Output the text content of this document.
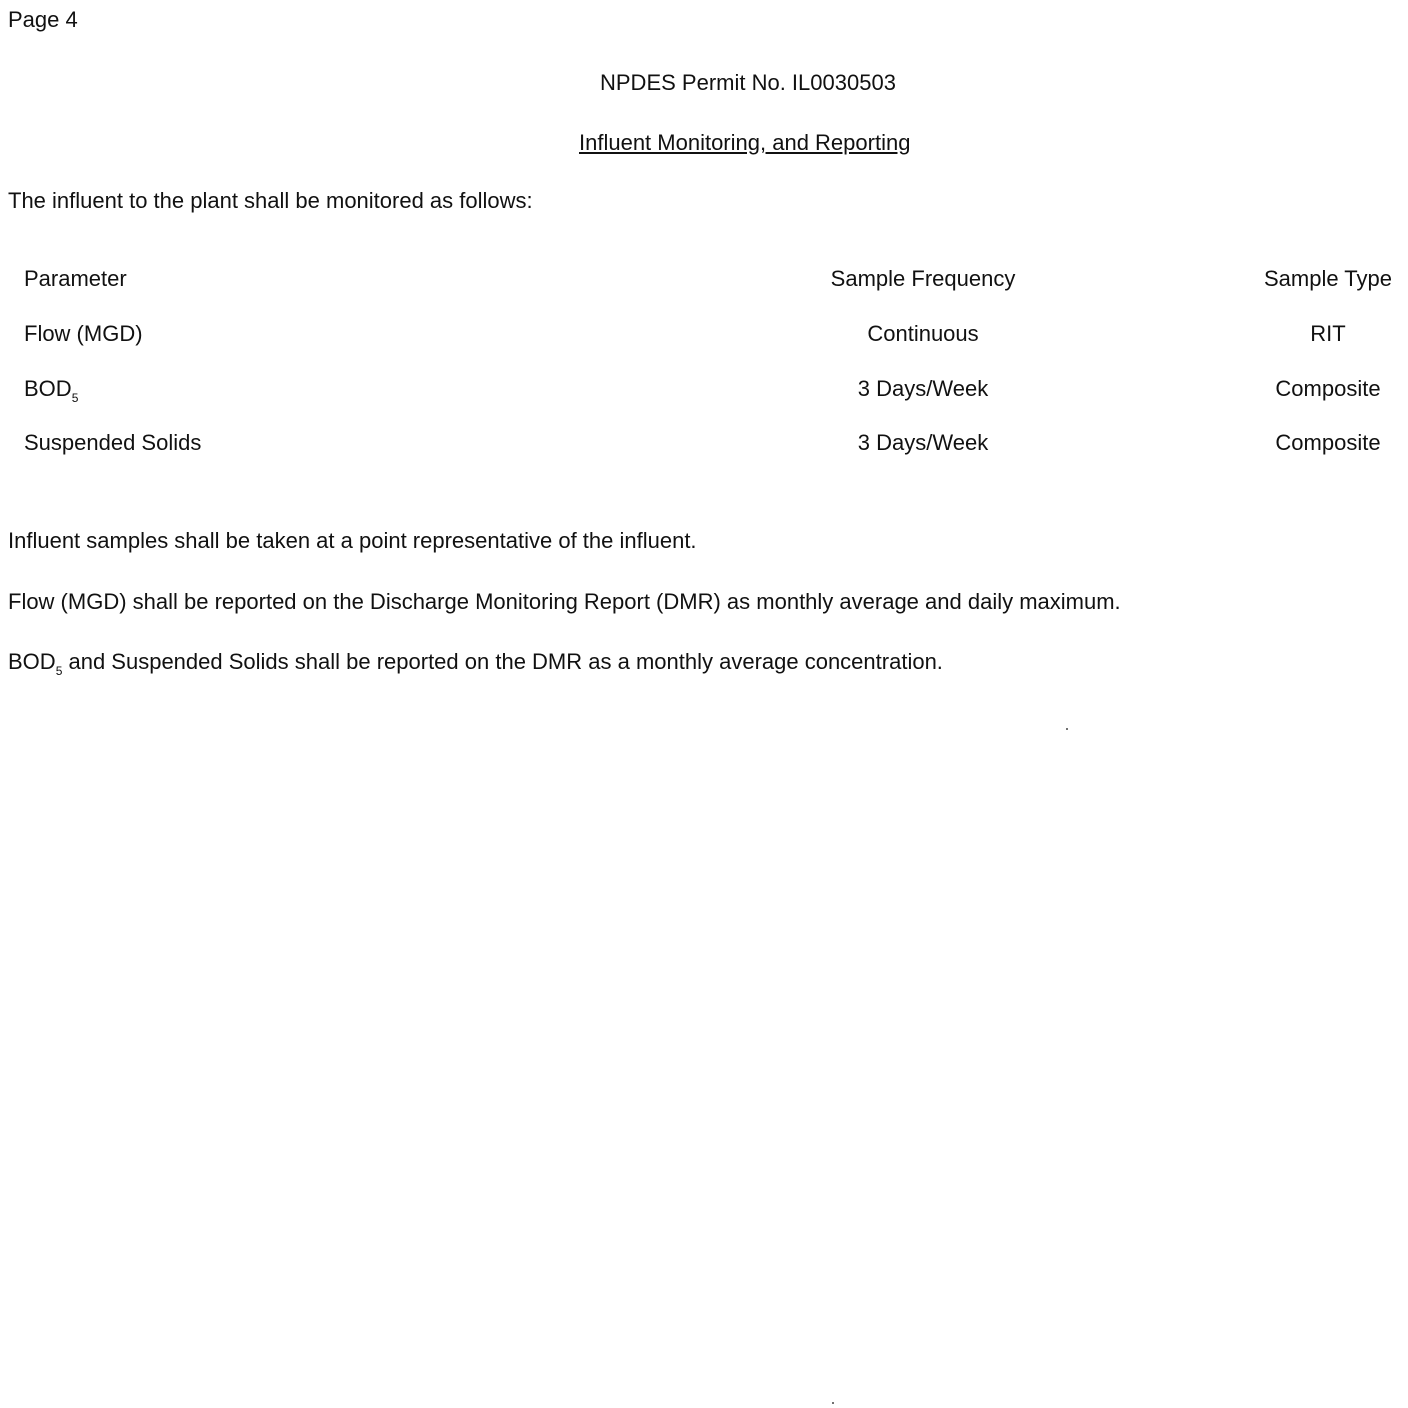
Page 4
NPDES Permit No. IL0030503
Influent Monitoring, and Reporting
The influent to the plant shall be monitored as follows:
Parameter	Sample Frequency	Sample Type
Flow (MGD)	Continuous	RIT
$BOD_5$	3 Days/Week	Composite
Suspended Solids	3 Days/Week	Composite
Influent samples shall be taken at a point representative of the influent.
Flow (MGD) shall be reported on the Discharge Monitoring Report (DMR) as monthly average and daily maximum.
$BOD_5$ and Suspended Solids shall be reported on the DMR as a monthly average concentration.
